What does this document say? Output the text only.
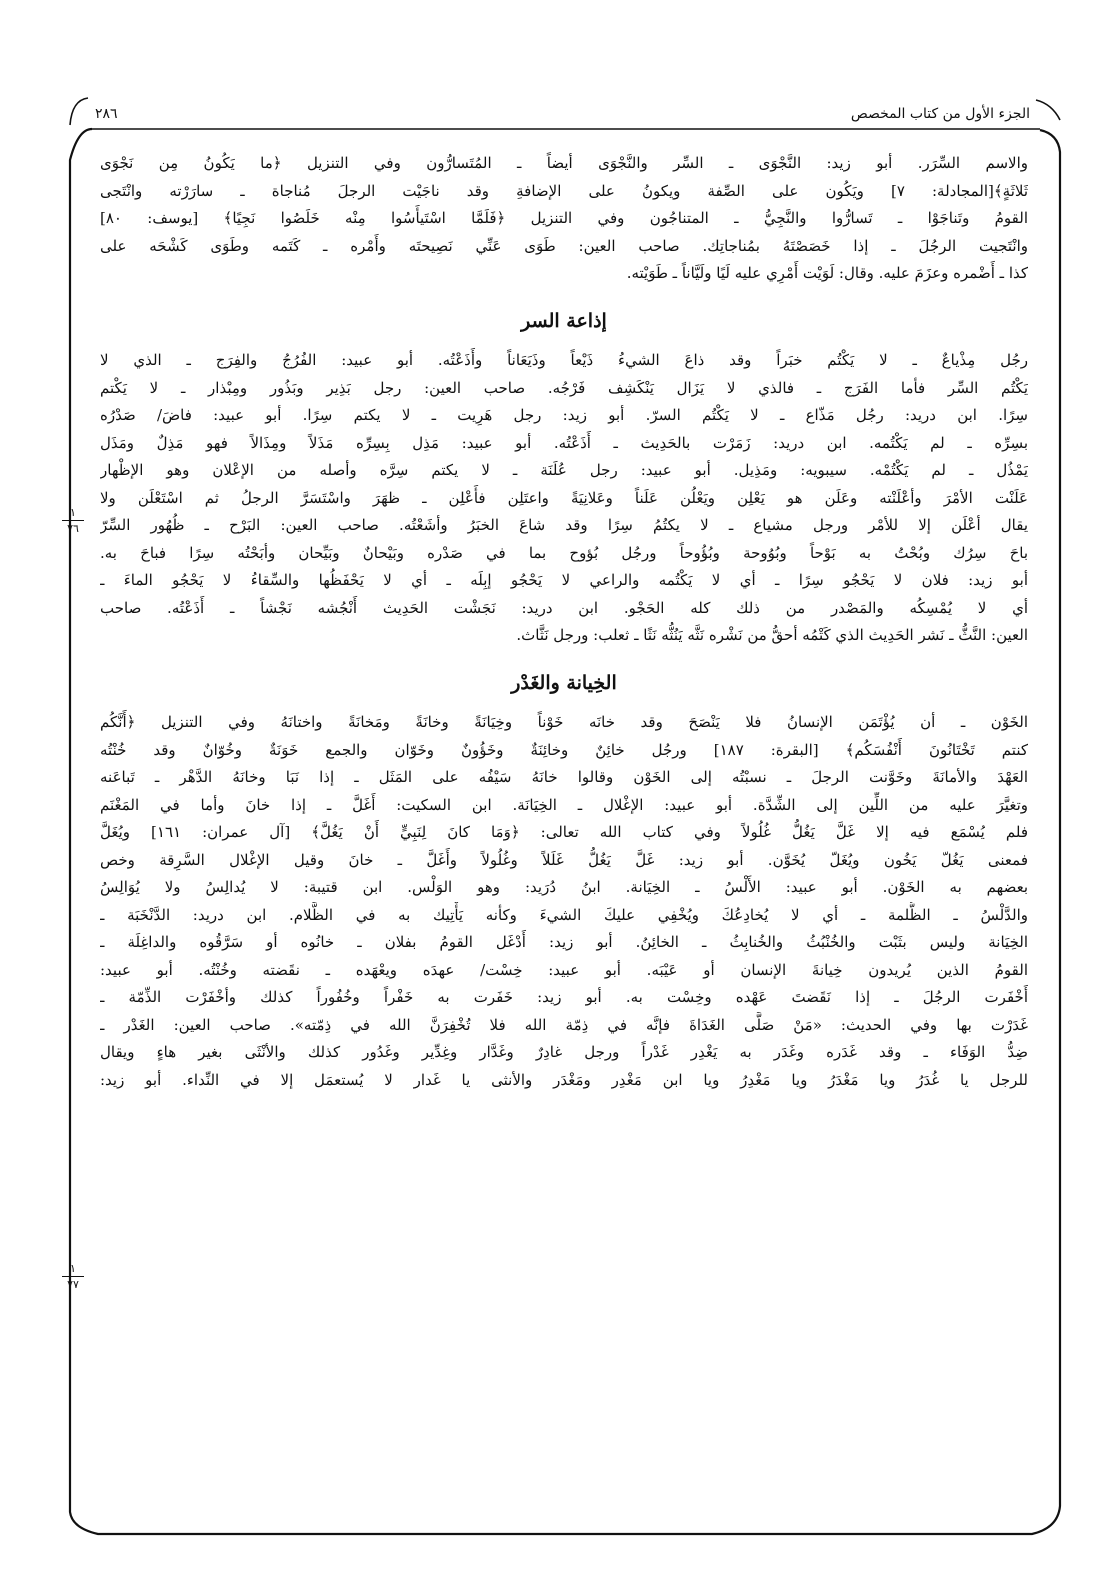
الجزء الأول من كتاب المخصص
٢٨٦
والاسم السِّرَر. أبو زيد: النَّجْوَى ـ السِّر والنَّجْوَى أيضاً ـ المُتَسارُّون وفي التنزيل ﴿ما يَكُونُ مِن نَجْوَى
ثَلاثَةٍ﴾[المجادلة: ٧] ويَكُون على الصِّفة ويكونُ على الإضافةِ وقد ناجَيْت الرجلَ مُناجاة ـ سارَرْته وانْتَجى
القومُ وتَناجَوْا ـ تَسارُّوا والنَّجِيُّ ـ المتناجُون وفي التنزيل ﴿فَلَمَّا اسْتَيأَسُوا مِنْه خَلَصُوا نَجِيًا﴾ [يوسف: ٨٠]
وانْتَجيت الرجُلَ ـ إذا خَصَصْتَهُ بمُناجاتِك. صاحب العين: طَوَى عَنِّي نَصِيحتَه وأَمْره ـ كَتَمه وطَوَى كَشْحَه على
كذا ـ أَضْمره وعزَمَ عليه. وقال: لَوَيْت أَمْرِي عليه لَيًا ولَيَّاناً ـ طَوَيْته.
إذاعة السر
رجُل مِذْياعٌ ـ لا يَكْتُم خبَراً وقد ذاعَ الشيءُ ذَيْعاً وذَيَعَاناً وأَذَعْتُه. أبو عبيد: الفُرُجُ والفِرَج ـ الذي لا
يَكْتُم السِّر فأما الفَرَج ـ فالذي لا يَزَال يَنْكَشِف فَرْجُه. صاحب العين: رجل بَذِير وبَذُور ومِبْذار ـ لا يَكْتم
سِرًا. ابن دريد: رجُل مَذّاع ـ لا يَكْتُم السرّ. أبو زيد: رجل هَرِيت ـ لا يكتم سِرًا. أبو عبيد: فاضَ/ صَدْرُه
بسِرِّه ـ لم يَكْتُمه. ابن دريد: زَمَرْت بالحَدِيث ـ أَذَعْتُه. أبو عبيد: مَذِل بِسِرِّه مَذَلاً ومِذَالاً فهو مَذِلٌ ومَذَل
يَمْذُل ـ لم يَكْتُمْه. سيبويه: ومَذِيل. أبو عبيد: رجل عُلَنَة ـ لا يكتم سِرَّه وأصله من الإعْلان وهو الإظْهار
عَلَنْت الأمْرَ وأعْلَنْته وعَلَن هو يَعْلِن ويَعْلُن عَلَناً وعَلانِيَةً واعتَلِن فأَعْلِن ـ ظهَرَ واسْتَسَرَّ الرجلُ ثم اسْتَعْلَن ولا
يقال أعْلَن إلا للأمْر ورجل مشياع ـ لا يكتُمُ سِرًا وقد شاعَ الخبَرُ وأشَعْتُه. صاحب العين: البَرْح ـ ظُهُور السِّرّ
باحَ سِرُك وبُحْتُ به بَوْحاً وبُوُوحة وبُؤُوحاً ورجُل بُؤوح بما في صَدْره وبَيْحانٌ وبَيِّحان وأبَحْتُه سِرًا فباحَ به.
أبو زيد: فلان لا يَحْجُو سِرًا ـ أي لا يَكْتُمه والراعي لا يَحْجُو إبِلَه ـ أي لا يَحْفَظُها والسِّقاءُ لا يَحْجُو الماءَ ـ
أي لا يُمْسِكُه والمَصْدر من ذلك كله الحَجْو. ابن دريد: نَجَشْت الحَدِيث أَنْجُشه نَجْشاً ـ أَذَعْتُه. صاحب
العين: النَّثُّ ـ نَشر الحَدِيث الذي كَتْمُه أحقُّ من نَشْره نَثَّه يَنُثُّه نَثًا ـ ثعلب: ورجل نَثَّاث.
الخِيانة والغَدْر
الخَوْن ـ أن يُؤْتَمَن الإنسانُ فلا يَنْصَحَ وقد خانَه خَوْناً وخِيَانَةً وخانَةً ومَخانَةً واختانَهُ وفي التنزيل ﴿أَنَّكُم
كنتم تَخْتَانُونَ أَنْفُسَكُم﴾ [البقرة: ١٨٧] ورجُل خائِنٌ وخائِنَةٌ وخَؤُونٌ وخَوّان والجمع خَوَنَةٌ وخُوّانٌ وقد خُنْتُه
العَهْدَ والأمانَةَ وخَوَّنت الرجلَ ـ نسبْتُه إلى الخَوْن وقالوا خانَهُ سَيْفُه على المَثَل ـ إذا نَبَا وخانَهُ الدَّهْر ـ تَباعَنه
وتغيَّرَ عليه من اللِّين إلى الشِّدَّة. أبو عبيد: الإغْلال ـ الخِيَانَة. ابن السكيت: أَغَلَّ ـ إذا خانَ وأما في المَغْنَم
فلم يُسْمَع فيه إلا غَلَّ يَغُلُّ غُلُولاً وفي كتاب الله تعالى: ﴿وَمَا كانَ لِنَبِيٍّ أَنْ يَغُلَّ﴾ [آل عمران: ١٦١] ويُغَلَّ
فمعنى يَغُلّ يَخُون ويُغَلّ يُخَوَّن. أبو زيد: غَلَّ يَغُلُّ غَلَلاً وغُلُولاً وأَغَلَّ ـ خانَ وقيل الإغْلال السَّرِقة وخص
بعضهم به الخَوْن. أبو عبيد: الأَلْسُ ـ الخِيَانة. ابنُ دُرَيد: وهو الوَلْس. ابن قتيبة: لا يُدالِسُ ولا يُوَالِسُ
والدَّلْسُ ـ الظُّلمة ـ أي لا يُخادِعُكَ ويُخْفِي عليكَ الشيءَ وكأنه يَأْتِيك به في الظَّلام. ابن دريد: الدَّنْخَبَة ـ
الخِيَانة وليس بثَبْت والخُنْبُثُ والخُنابِثُ ـ الخائِنُ. أبو زيد: أَدْغَل القومُ بفلان ـ خانُوه أو سَرَّقُوه والداغِلَة ـ
القومُ الذين يُريدون خِيانةَ الإنسان أو عَيْبَه. أبو عبيد: خِسْت/ عهدَه ويعْهَده ـ نقَضته وخُنْتُه. أبو عبيد:
أَخْفَرت الرجُلَ ـ إذا نَقَضتَ عَهْده وخِسْت به. أبو زيد: خَفَرت به خَفْراً وخُفُوراً كذلك وأخْفَرْت الذِّمّة ـ
غَدَرْت بها وفي الحديث: «مَنْ صَلَّى الغَدَاةَ فإنَّه في ذِمّة الله فلا تُخْفِرَنَّ الله في ذِمّته». صاحب العين: الغَدْر ـ
ضِدُّ الوَفَاء ـ وقد غَدَره وغَدَر به يَغْدِر غَدْراً ورجل غادِرٌ وغَدَّار وغِدِّير وغَدُور كذلك والأنْثَى بغير هاءٍ ويقال
للرجل يا غُدَرُ ويا مَغْدَرُ ويا مَغْدِرُ ويا ابن مَغْدِر ومَغْدَر والأنثى يا غَدار لا يُستعمَل إلا في النِّداء. أبو زيد:
١
٧٦
١
٧٧
